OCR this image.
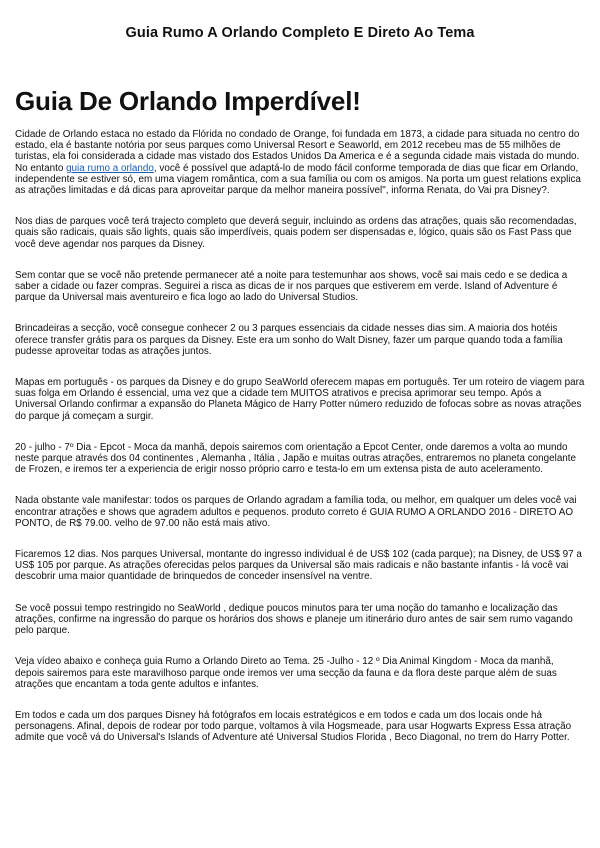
Guia Rumo A Orlando Completo E Direto Ao Tema
Guia De Orlando Imperdível!

Cidade de Orlando estaca no estado da Flórida no condado de Orange, foi fundada em 1873, a cidade para situada no centro do estado, ela é bastante notória por seus parques como Universal Resort e Seaworld, em 2012 recebeu mas de 55 milhões de turistas, ela foi considerada a cidade mas vistado dos Estados Unidos Da America e é a segunda cidade mais vistada do mundo. No entanto guia rumo a orlando, você é possível que adaptá-lo de modo fácil conforme temporada de dias que ficar em Orlando, independente se estiver só, em uma viagem romântica, com a sua família ou com os amigos. Na porta um guest relations explica as atrações limitadas e dá dicas para aproveitar parque da melhor maneira possível", informa Renata, do Vai pra Disney?.

Nos dias de parques você terá trajecto completo que deverá seguir, incluindo as ordens das atrações, quais são recomendadas, quais são radicais, quais são lights, quais são imperdíveis, quais podem ser dispensadas e, lógico, quais são os Fast Pass que você deve agendar nos parques da Disney.

Sem contar que se você não pretende permanecer até a noite para testemunhar aos shows, você sai mais cedo e se dedica a saber a cidade ou fazer compras. Seguirei a risca as dicas de ir nos parques que estiverem em verde. Island of Adventure é parque da Universal mais aventureiro e fica logo ao lado do Universal Studios.

Brincadeiras a secção, você consegue conhecer 2 ou 3 parques essenciais da cidade nesses dias sim. A maioria dos hotéis oferece transfer grátis para os parques da Disney. Este era um sonho do Walt Disney, fazer um parque quando toda a família pudesse aproveitar todas as atrações juntos.

Mapas em português - os parques da Disney e do grupo SeaWorld oferecem mapas em português. Ter um roteiro de viagem para suas folga em Orlando é essencial, uma vez que a cidade tem MUITOS atrativos e precisa aprimorar seu tempo. Após a Universal Orlando confirmar a expansão do Planeta Mágico de Harry Potter número reduzido de fofocas sobre as novas atrações do parque já começam a surgir.

20 - julho - 7º Dia - Epcot - Moca da manhã, depois sairemos com orientação a Epcot Center, onde daremos a volta ao mundo neste parque através dos 04 continentes , Alemanha , Itália , Japão e muitas outras atrações, entraremos no planeta congelante de Frozen, e iremos ter a experiencia de erigir nosso próprio carro e testa-lo em um extensa pista de auto aceleramento.

Nada obstante vale manifestar: todos os parques de Orlando agradam a família toda, ou melhor, em qualquer um deles você vai encontrar atrações e shows que agradem adultos e pequenos. produto correto é GUIA RUMO A ORLANDO 2016 - DIRETO AO PONTO, de R$ 79.00. velho de 97.00 não está mais ativo.

Ficaremos 12 dias. Nos parques Universal, montante do ingresso individual é de US$ 102 (cada parque); na Disney, de US$ 97 a US$ 105 por parque. As atrações oferecidas pelos parques da Universal são mais radicais e não bastante infantis - lá você vai descobrir uma maior quantidade de brinquedos de conceder insensível na ventre.

Se você possui tempo restringido no SeaWorld , dedique poucos minutos para ter uma noção do tamanho e localização das atrações, confirme na ingressão do parque os horários dos shows e planeje um itinerário duro antes de sair sem rumo vagando pelo parque.

Veja vídeo abaixo e conheça guia Rumo a Orlando Direto ao Tema. 25 -Julho - 12 º Dia Animal Kingdom - Moca da manhã, depois sairemos para este maravilhoso parque onde iremos ver uma secção da fauna e da flora deste parque além de suas atrações que encantam a toda gente adultos e infantes.

Em todos e cada um dos parques Disney há fotógrafos em locais estratégicos e em todos e cada um dos locais onde há personagens. Afinal, depois de rodear por todo parque, voltamos à vila Hogsmeade, para usar Hogwarts Express Essa atração admite que você vá do Universal's Islands of Adventure até Universal Studios Florida , Beco Diagonal, no trem do Harry Potter.
